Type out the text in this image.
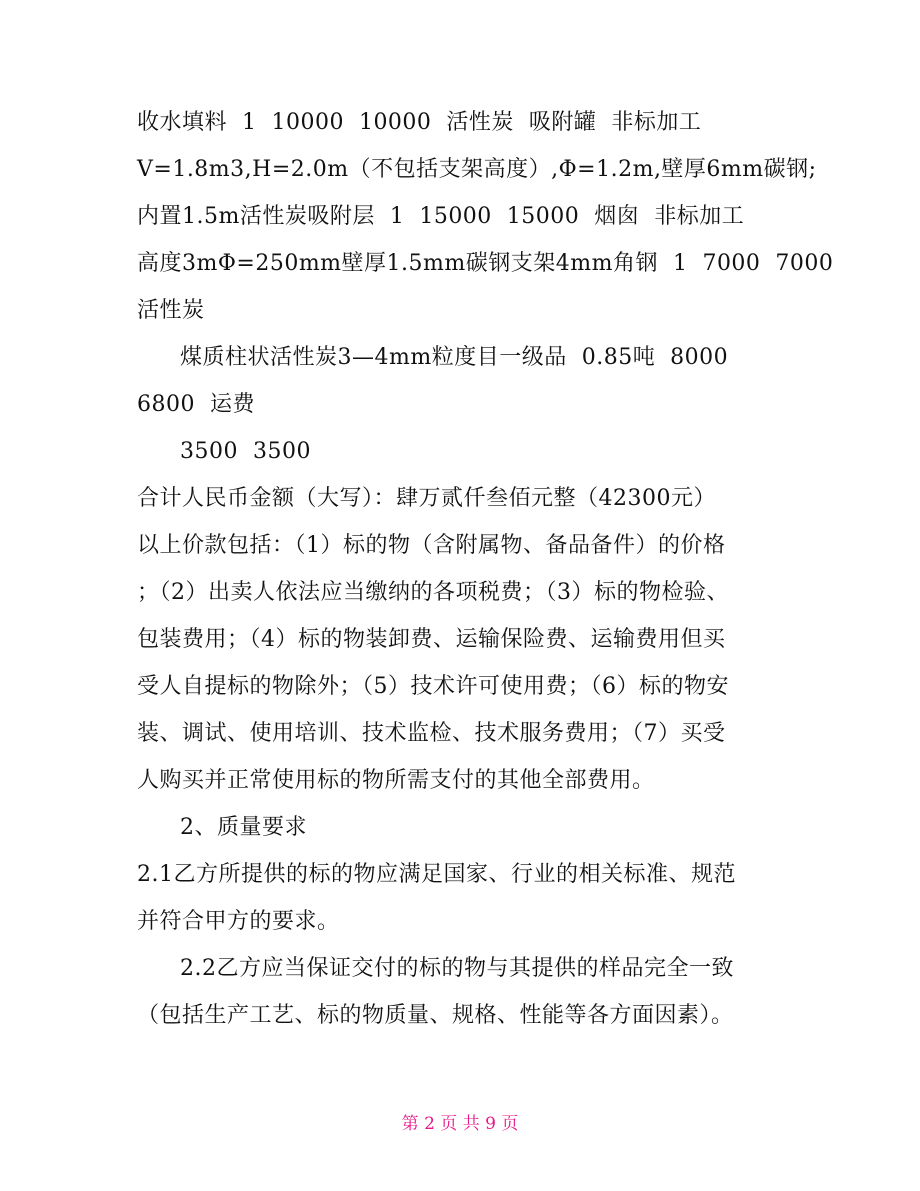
收水填料  1  10000  10000  活性炭  吸附罐  非标加工
V=1.8m3,H=2.0m（不包括支架高度）,Φ=1.2m,壁厚6mm碳钢;
内置1.5m活性炭吸附层  1  15000  15000  烟囱  非标加工
高度3mΦ=250mm壁厚1.5mm碳钢支架4mm角钢  1  7000  7000
活性炭
煤质柱状活性炭3—4mm粒度目一级品  0.85吨  8000
6800  运费
3500  3500
合计人民币金额（大写）：肆万贰仟叁佰元整（42300元）
以上价款包括：（1）标的物（含附属物、备品备件）的价格
；（2）出卖人依法应当缴纳的各项税费；（3）标的物检验、
包装费用；（4）标的物装卸费、运输保险费、运输费用但买
受人自提标的物除外；（5）技术许可使用费；（6）标的物安
装、调试、使用培训、技术监检、技术服务费用；（7）买受
人购买并正常使用标的物所需支付的其他全部费用。
2、质量要求
2.1乙方所提供的标的物应满足国家、行业的相关标准、规范
并符合甲方的要求。
2.2乙方应当保证交付的标的物与其提供的样品完全一致
（包括生产工艺、标的物质量、规格、性能等各方面因素）。
第 2 页 共 9 页
